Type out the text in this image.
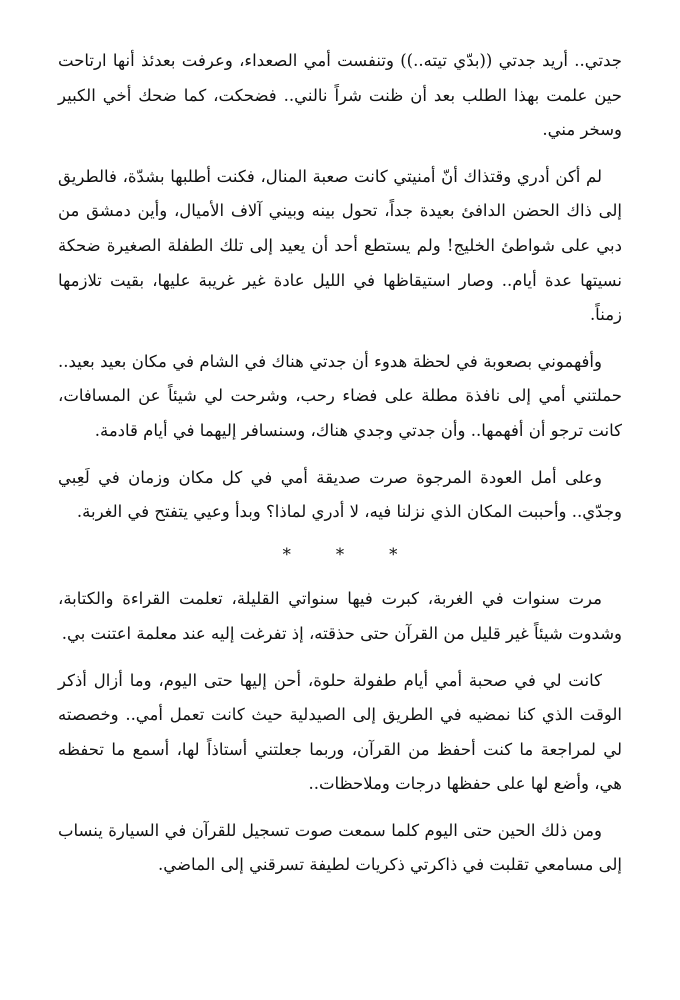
جدتي.. أريد جدتي ((بدّي تيته..)) وتنفست أمي الصعداء، وعرفت بعدئذ أنها ارتاحت حين علمت بهذا الطلب بعد أن ظنت شراً نالني.. فضحكت، كما ضحك أخي الكبير وسخر مني.

لم أكن أدري وقتذاك أنّ أمنيتي كانت صعبة المنال، فكنت أطلبها بشدّة، فالطريق إلى ذاك الحضن الدافئ بعيدة جداً، تحول بينه وبيني آلاف الأميال، وأين دمشق من دبي على شواطئ الخليج! ولم يستطع أحد أن يعيد إلى تلك الطفلة الصغيرة ضحكة نسيتها عدة أيام.. وصار استيقاظها في الليل عادة غير غريبة عليها، بقيت تلازمها زمناً.

وأفهموني بصعوبة في لحظة هدوء أن جدتي هناك في الشام في مكان بعيد بعيد.. حملتني أمي إلى نافذة مطلة على فضاء رحب، وشرحت لي شيئاً عن المسافات، كانت ترجو أن أفهمها.. وأن جدتي وجدي هناك، وسنسافر إليهما في أيام قادمة.

وعلى أمل العودة المرجوة صرت صديقة أمي في كل مكان وزمان في لَعِبي وجدّي.. وأحببت المكان الذي نزلنا فيه، لا أدري لماذا؟ وبدأ وعيي يتفتح في الغربة.

*	*	*

مرت سنوات في الغربة، كبرت فيها سنواتي القليلة، تعلمت القراءة والكتابة، وشدوت شيئاً غير قليل من القرآن حتى حذقته، إذ تفرغت إليه عند معلمة اعتنت بي.

كانت لي في صحبة أمي أيام طفولة حلوة، أحن إليها حتى اليوم، وما أزال أذكر الوقت الذي كنا نمضيه في الطريق إلى الصيدلية حيث كانت تعمل أمي.. وخصصته لي لمراجعة ما كنت أحفظ من القرآن، وربما جعلتني أستاذاً لها، أسمع ما تحفظه هي، وأضع لها على حفظها درجات وملاحظات..

ومن ذلك الحين حتى اليوم كلما سمعت صوت تسجيل للقرآن في السيارة ينساب إلى مسامعي تقلبت في ذاكرتي ذكريات لطيفة تسرقني إلى الماضي.
